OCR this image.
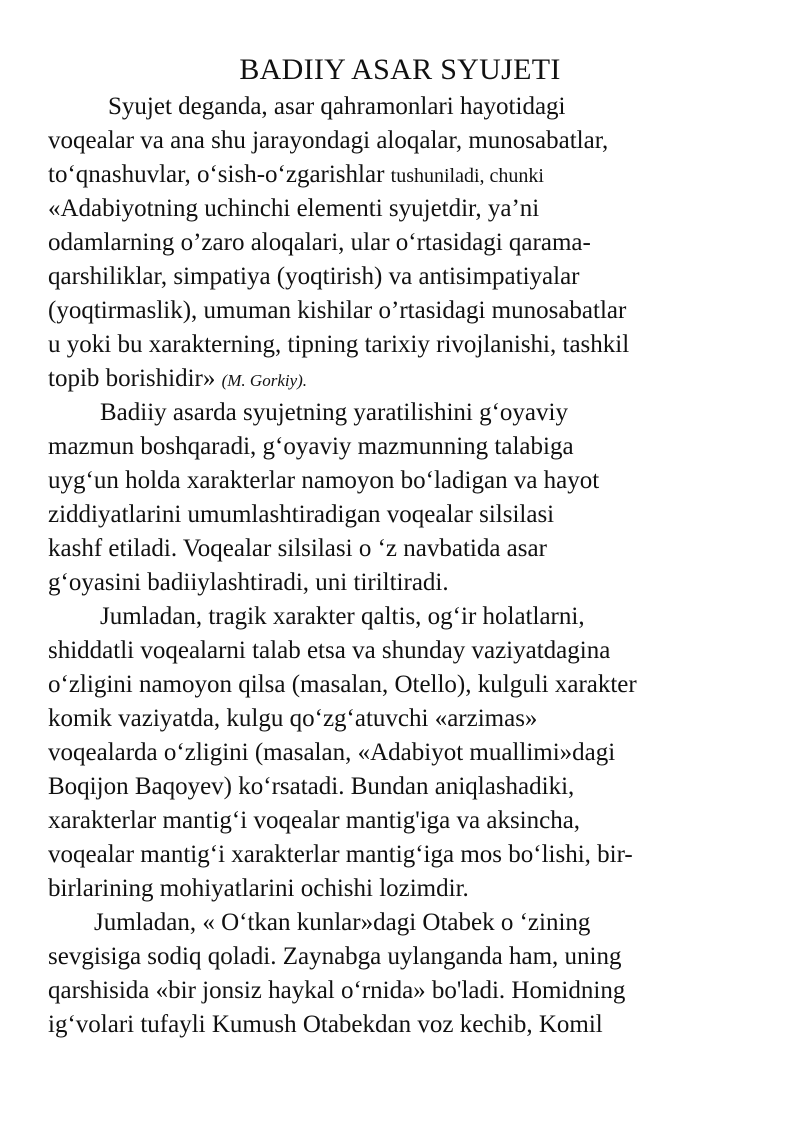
BADIIY ASAR SYUJETI
Syujet deganda, asar qahramonlari hayotidagi
voqealar va ana shu jarayondagi aloqalar, munosabatlar,
to‘qnashuvlar, o‘sish-o‘zgarishlar tushuniladi, chunki
«Adabiyotning uchinchi elementi syujetdir, ya’ni
odamlarning o’zaro aloqalari, ular o‘rtasidagi qarama-
qarshiliklar, simpatiya (yoqtirish) va antisimpatiyalar
(yoqtirmaslik), umuman kishilar o’rtasidagi munosabatlar
u yoki bu xarakterning, tipning tarixiy rivojlanishi, tashkil
topib borishidir» (M. Gorkiy).
Badiiy asarda syujetning yaratilishini g‘oyaviy
mazmun boshqaradi, g‘oyaviy mazmunning talabiga
uyg‘un holda xarakterlar namoyon bo‘ladigan va hayot
ziddiyatlarini umumlashtiradigan voqealar silsilasi
kashf etiladi. Voqealar silsilasi o ‘z navbatida asar
g‘oyasini badiiylashtiradi, uni tiriltiradi.
Jumladan, tragik xarakter qaltis, og‘ir holatlarni,
shiddatli voqealarni talab etsa va shunday vaziyatdagina
o‘zligini namoyon qilsa (masalan, Otello), kulguli xarakter
komik vaziyatda, kulgu qo‘zg‘atuvchi «arzimas»
voqealarda o‘zligini (masalan, «Adabiyot muallimi»dagi
Boqijon Baqoyev) ko‘rsatadi. Bundan aniqlashadiki,
xarakterlar mantig‘i voqealar mantig'iga va aksincha,
voqealar mantig‘i xarakterlar mantig‘iga mos bo‘lishi, bir-
birlarining mohiyatlarini ochishi lozimdir.
Jumladan, « O‘tkan kunlar»dagi Otabek o ‘zining
sevgisiga sodiq qoladi. Zaynabga uylanganda ham, uning
qarshisida «bir jonsiz haykal o‘rnida» bo'ladi. Homidning
ig‘volari tufayli Kumush Otabekdan voz kechib, Komil
